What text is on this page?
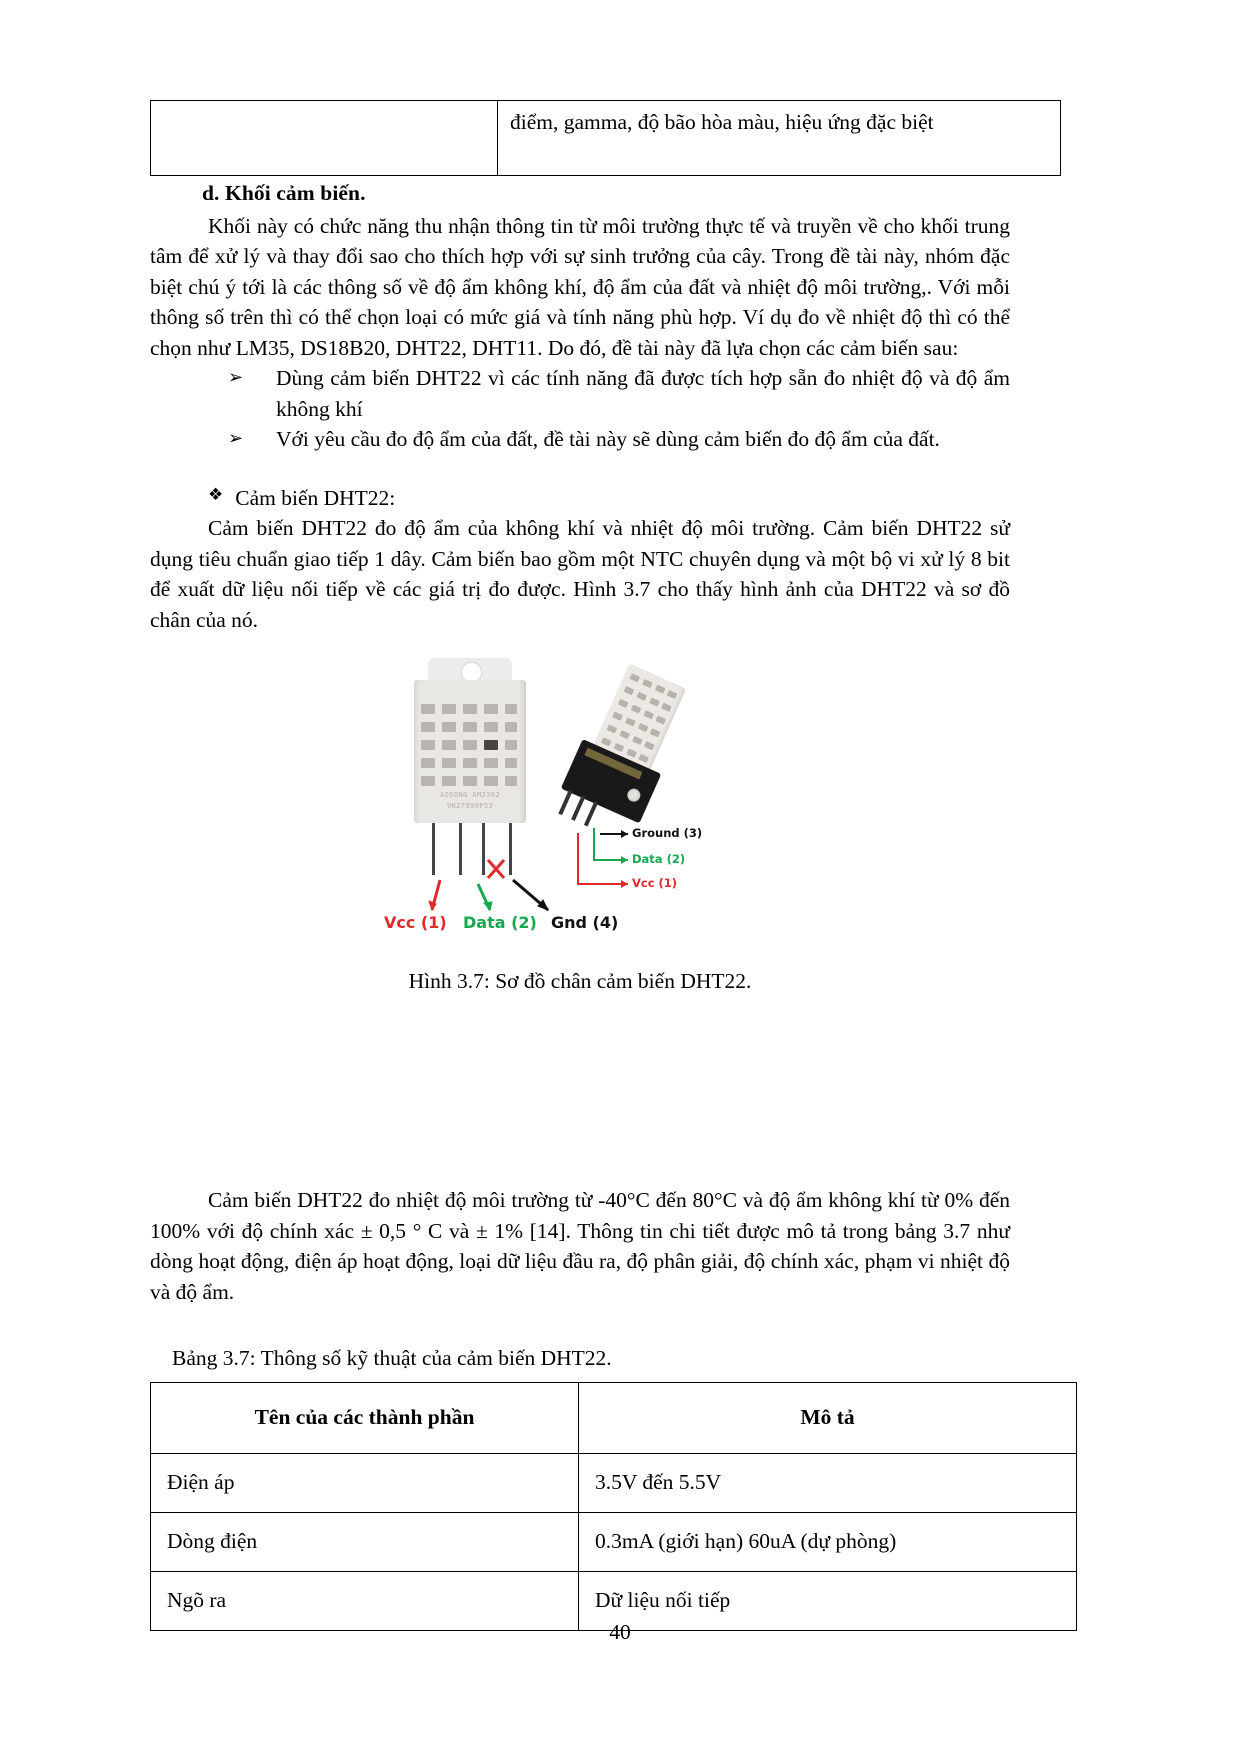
	điểm, gamma, độ bão hòa màu, hiệu ứng đặc biệt
d. Khối cảm biến.

Khối này có chức năng thu nhận thông tin từ môi trường thực tế và truyền về cho khối trung tâm để xử lý và thay đổi sao cho thích hợp với sự sinh trưởng của cây. Trong đề tài này, nhóm đặc biệt chú ý tới là các thông số về độ ẩm không khí, độ ẩm của đất và nhiệt độ môi trường,. Với mỗi thông số trên thì có thể chọn loại có mức giá và tính năng phù hợp. Ví dụ đo về nhiệt độ thì có thể chọn như LM35, DS18B20, DHT22, DHT11. Do đó, đề tài này đã lựa chọn các cảm biến sau:

➢	Dùng cảm biến DHT22 vì các tính năng đã được tích hợp sẵn đo nhiệt độ và độ ẩm không khí
➢	Với yêu cầu đo độ ẩm của đất, đề tài này sẽ dùng cảm biến đo độ ẩm của đất.
❖ Cảm biến DHT22:

Cảm biến DHT22 đo độ ẩm của không khí và nhiệt độ môi trường. Cảm biến DHT22 sử dụng tiêu chuẩn giao tiếp 1 dây. Cảm biến bao gồm một NTC chuyên dụng và một bộ vi xử lý 8 bit để xuất dữ liệu nối tiếp về các giá trị đo được. Hình 3.7 cho thấy hình ảnh của DHT22 và sơ đồ chân của nó.

AOSONG AM2302
9N27999P53
Vcc (1) Data (2) Gnd (4)
Ground (3)
Data (2)
Vcc (1)
Hình 3.7: Sơ đồ chân cảm biến DHT22.

Cảm biến DHT22 đo nhiệt độ môi trường từ -40°C đến 80°C và độ ẩm không khí từ 0% đến 100% với độ chính xác ± 0,5 ° C và ± 1% [14]. Thông tin chi tiết được mô tả trong bảng 3.7 như dòng hoạt động, điện áp hoạt động, loại dữ liệu đầu ra, độ phân giải, độ chính xác, phạm vi nhiệt độ và độ ẩm.

Bảng 3.7: Thông số kỹ thuật của cảm biến DHT22.

Tên của các thành phần	Mô tả
Điện áp	3.5V đến 5.5V
Dòng điện	0.3mA (giới hạn) 60uA (dự phòng)
Ngõ ra	Dữ liệu nối tiếp
40
